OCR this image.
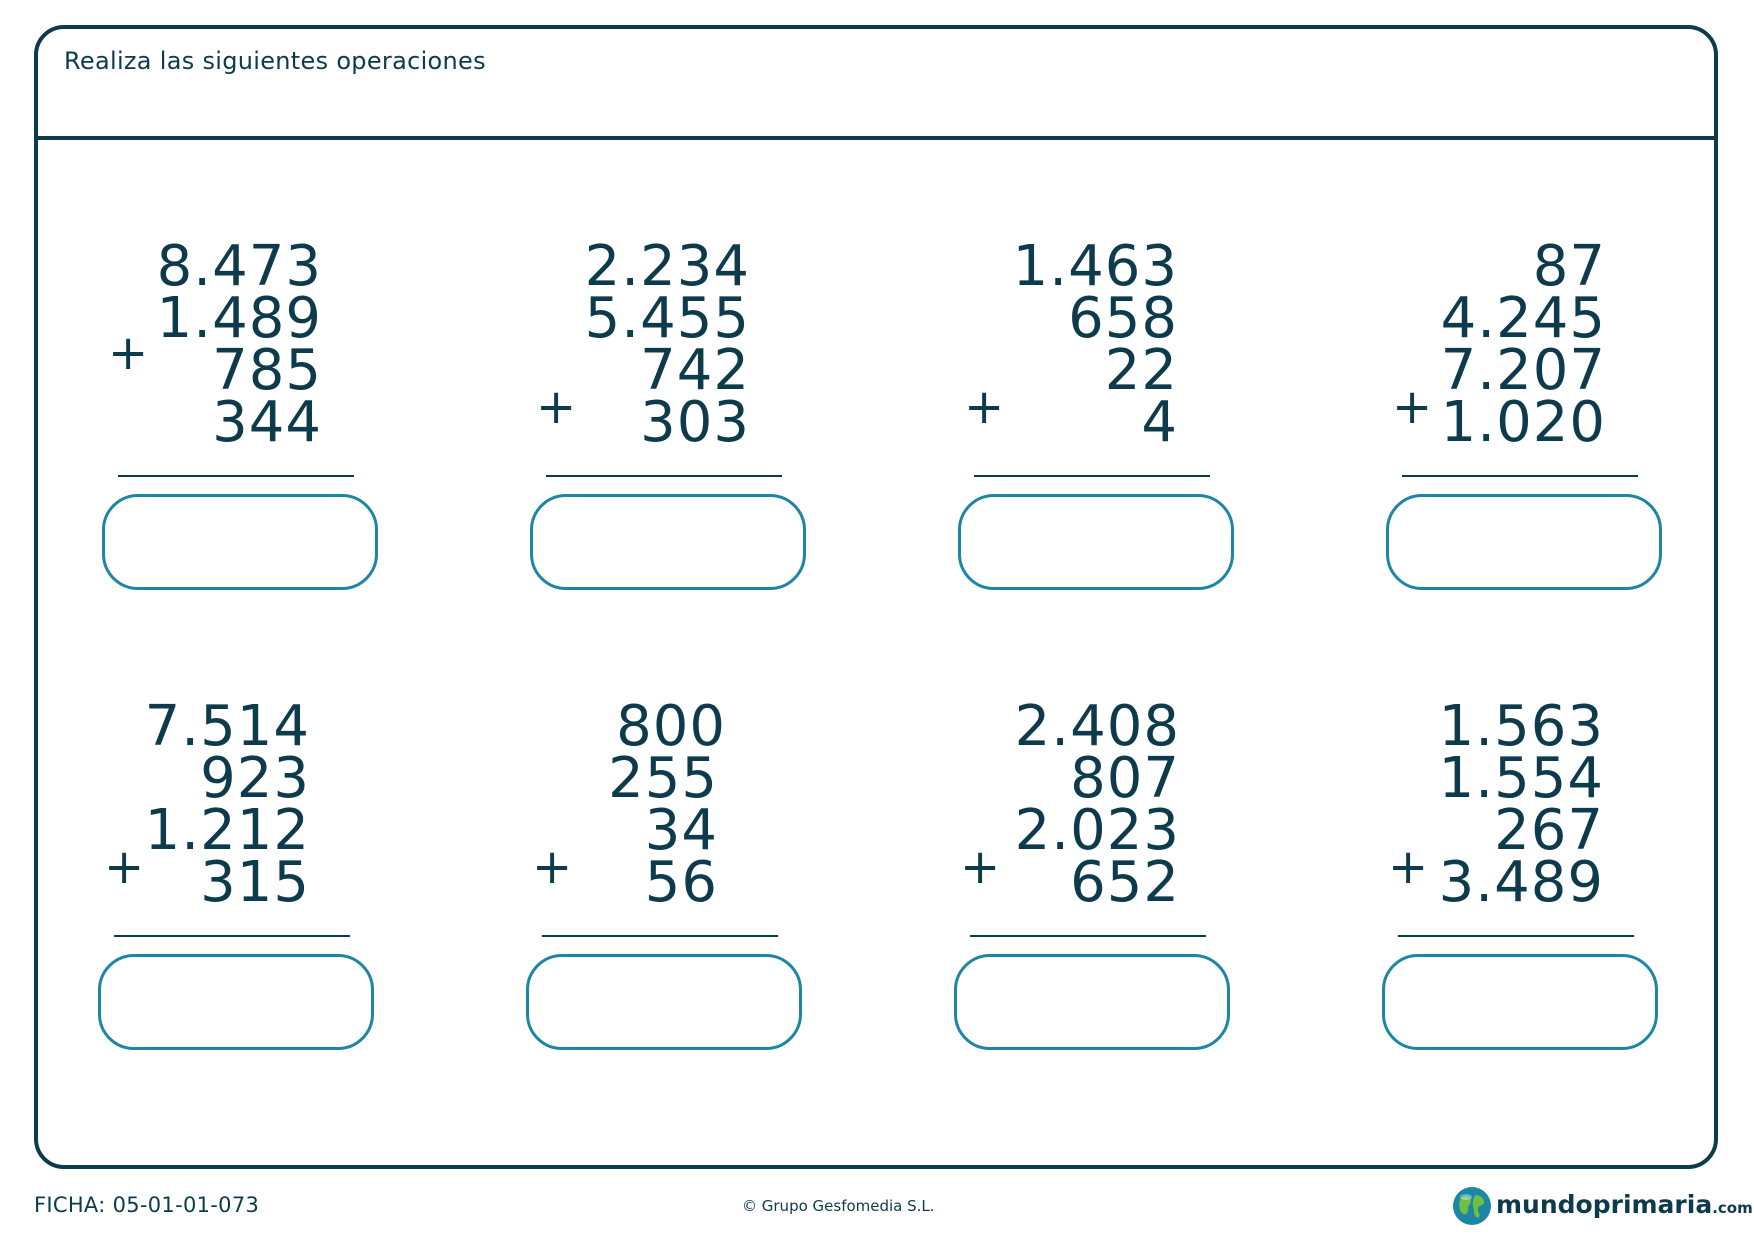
Realiza las siguientes operaciones
8.473
1.489
785
344
+
2.234
5.455
742
303
+
1.463
658
22
4
+
87
4.245
7.207
1.020
+
7.514
923
1.212
315
+
800
255
34
56
+
2.408
807
2.023
652
+
1.563
1.554
267
3.489
+
FICHA: 05-01-01-073	© Grupo Gesfomedia S.L.	mundoprimaria.com
